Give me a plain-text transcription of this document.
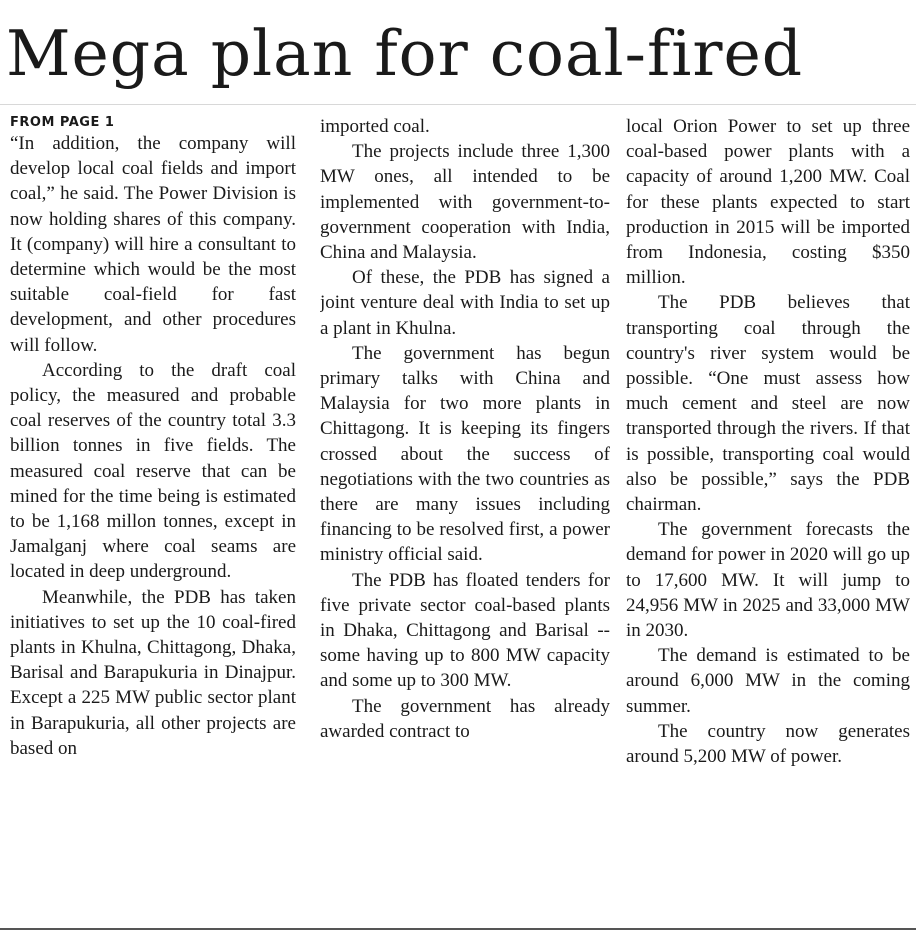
Mega plan for coal-fired
FROM PAGE 1

“In addition, the company will develop local coal fields and import coal,” he said. The Power Division is now holding shares of this company. It (company) will hire a consultant to determine which would be the most suitable coal-field for fast development, and other procedures will follow.

According to the draft coal policy, the measured and probable coal reserves of the country total 3.3 billion tonnes in five fields. The measured coal reserve that can be mined for the time being is estimated to be 1,168 millon tonnes, except in Jamalganj where coal seams are located in deep underground.

Meanwhile, the PDB has taken initiatives to set up the 10 coal-fired plants in Khulna, Chittagong, Dhaka, Barisal and Barapukuria in Dinajpur. Except a 225 MW public sector plant in Barapukuria, all other projects are based on

imported coal.

The projects include three 1,300 MW ones, all intended to be implemented with government-to-government cooperation with India, China and Malaysia.

Of these, the PDB has signed a joint venture deal with India to set up a plant in Khulna.

The government has begun primary talks with China and Malaysia for two more plants in Chittagong. It is keeping its fingers crossed about the success of negotiations with the two countries as there are many issues including financing to be resolved first, a power ministry official said.

The PDB has floated tenders for five private sector coal-based plants in Dhaka, Chittagong and Barisal -- some having up to 800 MW capacity and some up to 300 MW.

The government has already awarded contract to

local Orion Power to set up three coal-based power plants with a capacity of around 1,200 MW. Coal for these plants expected to start production in 2015 will be imported from Indonesia, costing $350 million.

The PDB believes that transporting coal through the country's river system would be possible. “One must assess how much cement and steel are now transported through the rivers. If that is possible, transporting coal would also be possible,” says the PDB chairman.

The government forecasts the demand for power in 2020 will go up to 17,600 MW. It will jump to 24,956 MW in 2025 and 33,000 MW in 2030.

The demand is estimated to be around 6,000 MW in the coming summer.

The country now generates around 5,200 MW of power.
